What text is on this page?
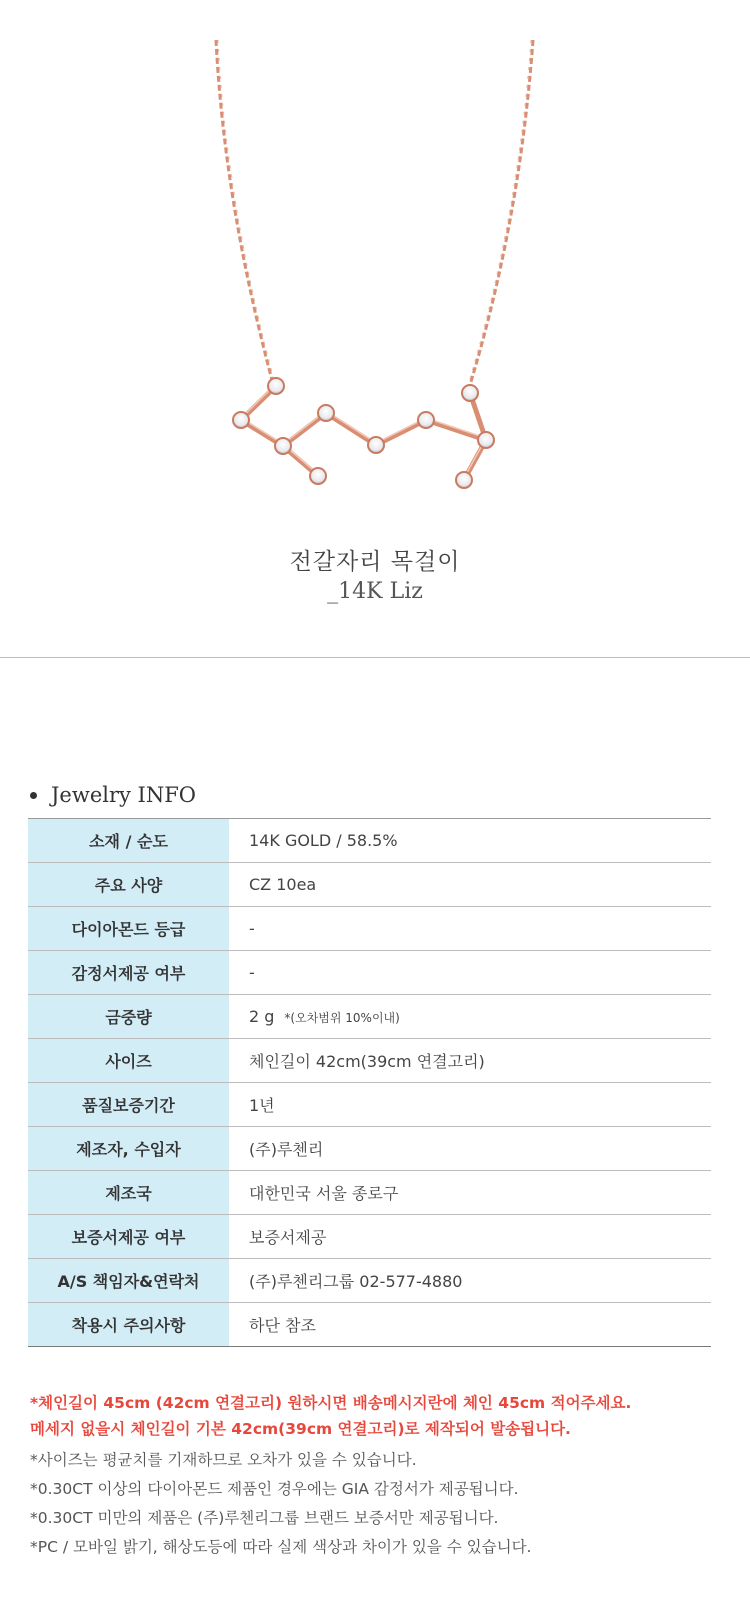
전갈자리 목걸이
_14K Liz
Jewelry INFO
소재 / 순도	14K GOLD / 58.5%
주요 사양	CZ 10ea
다이아몬드 등급	-
감정서제공 여부	-
금중량	2 g *(오차범위 10%이내)
사이즈	체인길이 42cm(39cm 연결고리)
품질보증기간	1년
제조자, 수입자	(주)루첸리
제조국	대한민국 서울 종로구
보증서제공 여부	보증서제공
A/S 책임자&연락처	(주)루첸리그룹 02-577-4880
착용시 주의사항	하단 참조
*체인길이 45cm (42cm 연결고리) 원하시면 배송메시지란에 체인 45cm 적어주세요.
메세지 없을시 체인길이 기본 42cm(39cm 연결고리)로 제작되어 발송됩니다.
*사이즈는 평균치를 기재하므로 오차가 있을 수 있습니다.
*0.30CT 이상의 다이아몬드 제품인 경우에는 GIA 감정서가 제공됩니다.
*0.30CT 미만의 제품은 (주)루첸리그룹 브랜드 보증서만 제공됩니다.
*PC / 모바일 밝기, 해상도등에 따라 실제 색상과 차이가 있을 수 있습니다.
